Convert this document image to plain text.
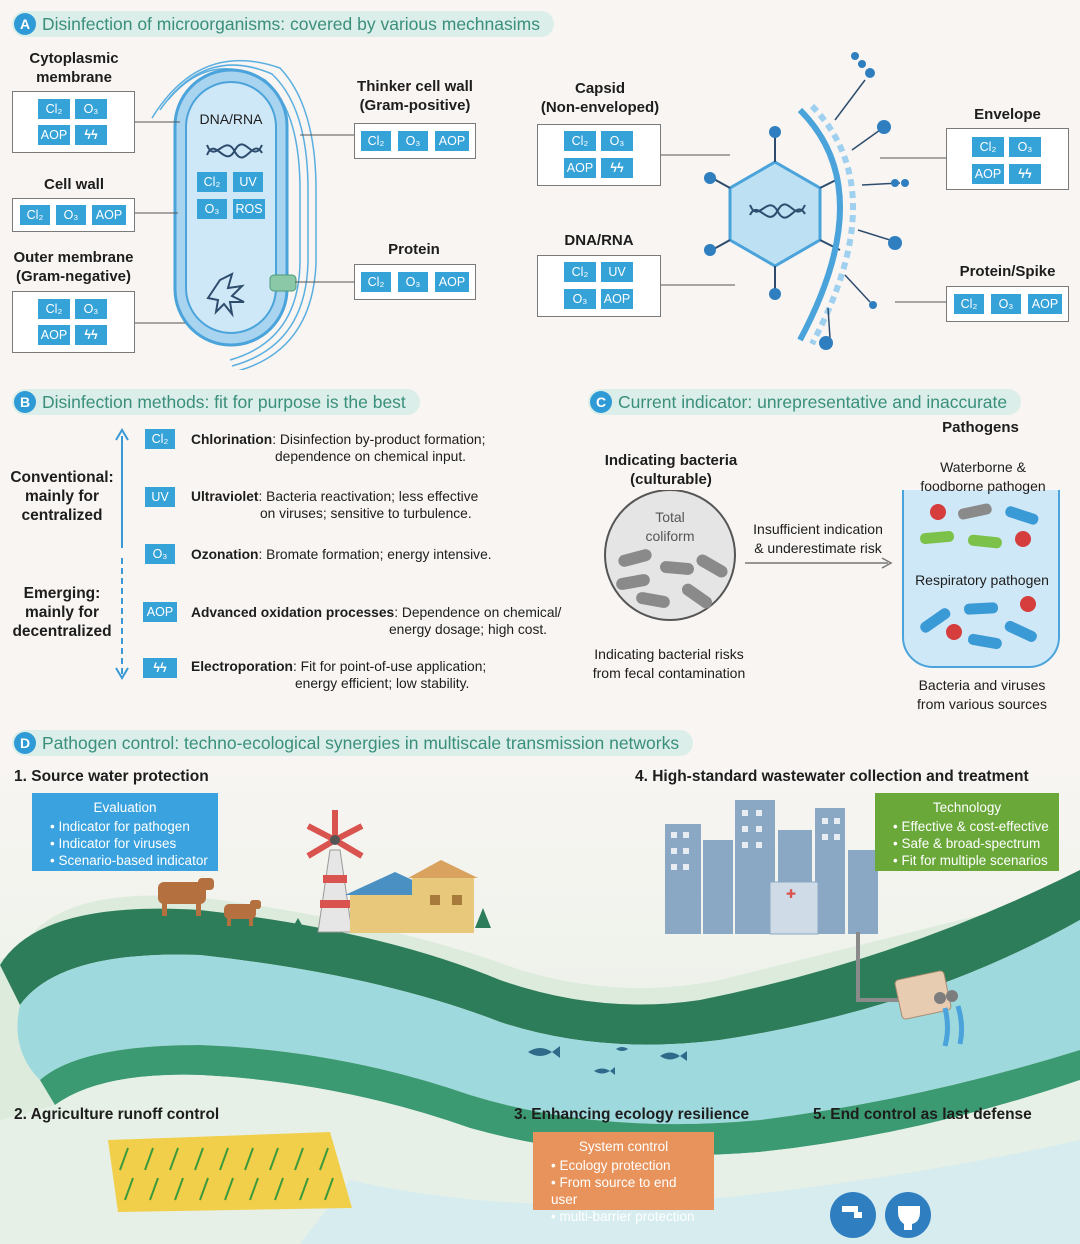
A Disinfection of microorganisms: covered by various mechnasims
Cytoplasmic
membrane
Cl₂	O₃
AOP	ϟϟ
Cell wall
Cl₂	O₃	AOP
Outer membrane
(Gram-negative)
Cl₂	O₃
AOP	ϟϟ
DNA/RNA
Cl₂	UV
O₃	ROS
Thinker cell wall
(Gram-positive)
Cl₂	O₃	AOP
Protein
Cl₂	O₃	AOP
Capsid
(Non-enveloped)
Cl₂	O₃
AOP	ϟϟ
DNA/RNA
Cl₂	UV
O₃	AOP
Envelope
Cl₂	O₃
AOP	ϟϟ
Protein/Spike
Cl₂	O₃	AOP
B Disinfection methods: fit for purpose is the best
Conventional:
mainly for
centralized
Emerging:
mainly for
decentralized
Cl₂	Chlorination: Disinfection by-product formation;
dependence on chemical input.
UV	Ultraviolet: Bacteria reactivation; less effective
on viruses; sensitive to turbulence.
O₃	Ozonation: Bromate formation; energy intensive.
AOP Advanced oxidation processes: Dependence on chemical/
energy dosage; high cost.
ϟϟ	Electroporation: Fit for point-of-use application;
energy efficient; low stability.
C Current indicator: unrepresentative and inaccurate
Pathogens
Indicating bacteria
(culturable)
Total
coliform	Insufficient indication
& underestimate risk
Indicating bacterial risks
from fecal contamination
Waterborne &
foodborne pathogen
Respiratory pathogen
Bacteria and viruses
from various sources
D Pathogen control: techno-ecological synergies in multiscale transmission networks
✚
1. Source water protection	4. High-standard wastewater collection and treatment
Evaluation
• Indicator for pathogen
• Indicator for viruses
• Scenario-based indicator
Technology
• Effective & cost-effective
• Safe & broad-spectrum
• Fit for multiple scenarios
2. Agriculture runoff control	3. Enhancing ecology resilience	5. End control as last defense
System control
• Ecology protection
• From source to end user
• multi-barrier protection
